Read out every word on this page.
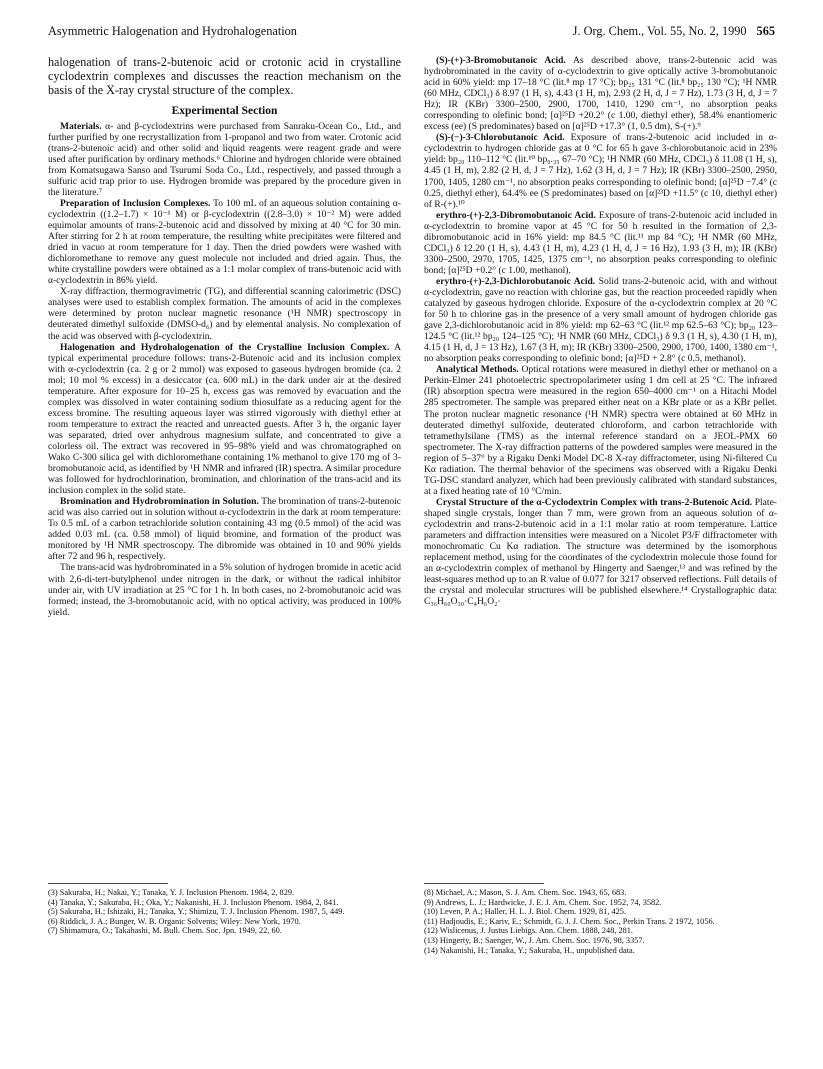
Asymmetric Halogenation and Hydrohalogenation	J. Org. Chem., Vol. 55, No. 2, 1990 565

halogenation of trans-2-butenoic acid or crotonic acid in crystalline cyclodextrin complexes and discusses the reaction mechanism on the basis of the X-ray crystal structure of the complex.

Experimental Section

Materials. α- and β-cyclodextrins were purchased from Sanraku-Ocean Co., Ltd., and further purified by one recrystallization from 1-propanol and two from water. Crotonic acid (trans-2-butenoic acid) and other solid and liquid reagents were reagent grade and were used after purification by ordinary methods.⁶ Chlorine and hydrogen chloride were obtained from Komatsugawa Sanso and Tsurumi Soda Co., Ltd., respectively, and passed through a sulfuric acid trap prior to use. Hydrogen bromide was prepared by the procedure given in the literature.⁷

Preparation of Inclusion Complexes. To 100 mL of an aqueous solution containing α-cyclodextrin ((1.2–1.7) × 10⁻¹ M) or β-cyclodextrin ((2.8–3.0) × 10⁻² M) were added equimolar amounts of trans-2-butenoic acid and dissolved by mixing at 40 °C for 30 min. After stirring for 2 h at room temperature, the resulting white precipitates were filtered and dried in vacuo at room temperature for 1 day. Then the dried powders were washed with dichloromethane to remove any guest molecule not included and dried again. Thus, the white crystalline powders were obtained as a 1:1 molar complex of trans-butenoic acid with α-cyclodextrin in 86% yield.

X-ray diffraction, thermogravimetric (TG), and differential scanning calorimetric (DSC) analyses were used to establish complex formation. The amounts of acid in the complexes were determined by proton nuclear magnetic resonance (¹H NMR) spectroscopy in deuterated dimethyl sulfoxide (DMSO-d₆) and by elemental analysis. No complexation of the acid was observed with β-cyclodextrin.

Halogenation and Hydrohalogenation of the Crystalline Inclusion Complex. A typical experimental procedure follows: trans-2-Butenoic acid and its inclusion complex with α-cyclodextrin (ca. 2 g or 2 mmol) was exposed to gaseous hydrogen bromide (ca. 2 mol; 10 mol % excess) in a desiccator (ca. 600 mL) in the dark under air at the desired temperature. After exposure for 10–25 h, excess gas was removed by evacuation and the complex was dissolved in water containing sodium thiosulfate as a reducing agent for the excess bromine. The resulting aqueous layer was stirred vigorously with diethyl ether at room temperature to extract the reacted and unreacted guests. After 3 h, the organic layer was separated, dried over anhydrous magnesium sulfate, and concentrated to give a colorless oil. The extract was recovered in 95–98% yield and was chromatographed on Wako C-300 silica gel with dichloromethane containing 1% methanol to give 170 mg of 3-bromobutanoic acid, as identified by ¹H NMR and infrared (IR) spectra. A similar procedure was followed for hydrochlorination, bromination, and chlorination of the trans-acid and its inclusion complex in the solid state.

Bromination and Hydrobromination in Solution. The bromination of trans-2-butenoic acid was also carried out in solution without α-cyclodextrin in the dark at room temperature: To 0.5 mL of a carbon tetrachloride solution containing 43 mg (0.5 mmol) of the acid was added 0.03 mL (ca. 0.58 mmol) of liquid bromine, and formation of the product was monitored by ¹H NMR spectroscopy. The dibromide was obtained in 10 and 90% yields after 72 and 96 h, respectively.

The trans-acid was hydrobrominated in a 5% solution of hydrogen bromide in acetic acid with 2,6-di-tert-butylphenol under nitrogen in the dark, or without the radical inhibitor under air, with UV irradiation at 25 °C for 1 h. In both cases, no 2-bromobutanoic acid was formed; instead, the 3-bromobutanoic acid, with no optical activity, was produced in 100% yield.

(S)-(+)-3-Bromobutanoic Acid. As described above, trans-2-butenoic acid was hydrobrominated in the cavity of α-cyclodextrin to give optically active 3-bromobutanoic acid in 60% yield: mp 17–18 °C (lit.⁸ mp 17 °C); bp₂₅ 131 °C (lit.⁸ bp₂₅ 130 °C); ¹H NMR (60 MHz, CDCl₃) δ 8.97 (1 H, s), 4.43 (1 H, m), 2.93 (2 H, d, J = 7 Hz), 1.73 (3 H, d, J = 7 Hz); IR (KBr) 3300–2500, 2900, 1700, 1410, 1290 cm⁻¹, no absorption peaks corresponding to olefinic bond; [α]²⁵D +20.2° (c 1.00, diethyl ether), 58.4% enantiomeric excess (ee) (S predominates) based on [α]²⁵D +17.3° (1, 0.5 dm), S-(+).⁹

(S)-(−)-3-Chlorobutanoic Acid. Exposure of trans-2-butenoic acid included in α-cyclodextrin to hydrogen chloride gas at 0 °C for 65 h gave 3-chlorobutanoic acid in 23% yield: bp₂₀ 110–112 °C (lit.¹⁰ bp₀.₃₅ 67–70 °C); ¹H NMR (60 MHz, CDCl₃) δ 11.08 (1 H, s), 4.45 (1 H, m), 2.82 (2 H, d, J = 7 Hz), 1.62 (3 H, d, J = 7 Hz); IR (KBr) 3300–2500, 2950, 1700, 1405, 1280 cm⁻¹, no absorption peaks corresponding to olefinic bond; [α]²⁵D −7.4° (c 0.25, diethyl ether), 64.4% ee (S predominates) based on [α]²³D +11.5° (c 10, diethyl ether) of R-(+).¹⁰

erythro-(+)-2,3-Dibromobutanoic Acid. Exposure of trans-2-butenoic acid included in α-cyclodextrin to bromine vapor at 45 °C for 50 h resulted in the formation of 2,3-dibromobutanoic acid in 16% yield: mp 84.5 °C (lit.¹¹ mp 84 °C); ¹H NMR (60 MHz, CDCl₃) δ 12.20 (1 H, s), 4.43 (1 H, m), 4.23 (1 H, d, J = 16 Hz), 1.93 (3 H, m); IR (KBr) 3300–2500, 2970, 1705, 1425, 1375 cm⁻¹, no absorption peaks corresponding to olefinic bond; [α]²⁵D +0.2° (c 1.00, methanol).

erythro-(+)-2,3-Dichlorobutanoic Acid. Solid trans-2-butenoic acid, with and without α-cyclodextrin, gave no reaction with chlorine gas, but the reaction proceeded rapidly when catalyzed by gaseous hydrogen chloride. Exposure of the α-cyclodextrin complex at 20 °C for 50 h to chlorine gas in the presence of a very small amount of hydrogen chloride gas gave 2,3-dichlorobutanoic acid in 8% yield: mp 62–63 °C (lit.¹² mp 62.5–63 °C); bp₂₀ 123–124.5 °C (lit.¹² bp₂₀ 124–125 °C); ¹H NMR (60 MHz, CDCl₃) δ 9.3 (1 H, s), 4.30 (1 H, m), 4.15 (1 H, d, J = 13 Hz), 1.67 (3 H, m); IR (KBr) 3300–2500, 2900, 1700, 1400, 1380 cm⁻¹, no absorption peaks corresponding to olefinic bond; [α]²⁵D + 2.8° (c 0.5, methanol).

Analytical Methods. Optical rotations were measured in diethyl ether or methanol on a Perkin-Elmer 241 photoelectric spectropolarimeter using 1 dm cell at 25 °C. The infrared (IR) absorption spectra were measured in the region 650–4000 cm⁻¹ on a Hitachi Model 285 spectrometer. The sample was prepared either neat on a KBr plate or as a KBr pellet. The proton nuclear magnetic resonance (¹H NMR) spectra were obtained at 60 MHz in deuterated dimethyl sulfoxide, deuterated chloroform, and carbon tetrachloride with tetramethylsilane (TMS) as the internal reference standard on a JEOL-PMX 60 spectrometer. The X-ray diffraction patterns of the powdered samples were measured in the region of 5–37° by a Rigaku Denki Model DC-8 X-ray diffractometer, using Ni-filtered Cu Kα radiation. The thermal behavior of the specimens was observed with a Rigaku Denki TG-DSC standard analyzer, which had been previously calibrated with standard substances, at a fixed heating rate of 10 °C/min.

Crystal Structure of the α-Cyclodextrin Complex with trans-2-Butenoic Acid. Plate-shaped single crystals, longer than 7 mm, were grown from an aqueous solution of α-cyclodextrin and trans-2-butenoic acid in a 1:1 molar ratio at room temperature. Lattice parameters and diffraction intensities were measured on a Nicolet P3/F diffractometer with monochromatic Cu Kα radiation. The structure was determined by the isomorphous replacement method, using for the coordinates of the cyclodextrin molecule those found for an α-cyclodextrin complex of methanol by Hingerty and Saenger,¹³ and was refined by the least-squares method up to an R value of 0.077 for 3217 observed reflections. Full details of the crystal and molecular structures will be published elsewhere.¹⁴ Crystallographic data: C₃₆H₆₀O₃₀·C₄H₆O₂·

(3) Sakuraba, H.; Nakai, Y.; Tanaka, Y. J. Inclusion Phenom. 1984, 2, 829.
(4) Tanaka, Y.; Sakuraba, H.; Oka, Y.; Nakanishi, H. J. Inclusion Phenom. 1984, 2, 841.
(5) Sakuraba, H.; Ishizaki, H.; Tanaka, Y.; Shimizu, T. J. Inclusion Phenom. 1987, 5, 449.
(6) Riddick, J. A.; Bunger, W. B. Organic Solvents; Wiley: New York, 1970.
(7) Shimamura, O.; Takahashi, M. Bull. Chem. Soc. Jpn. 1949, 22, 60.
(8) Michael, A.; Mason, S. J. Am. Chem. Soc. 1943, 65, 683.
(9) Andrews, L. J.; Hardwicke, J. E. J. Am. Chem. Soc. 1952, 74, 3582.
(10) Leven, P. A.; Haller, H. L. J. Biol. Chem. 1929, 81, 425.
(11) Hadjoudis, E.; Kariv, E.; Schmidt, G. J. J. Chem. Soc., Perkin Trans. 2 1972, 1056.
(12) Wislicenus, J. Justus Liebigs. Ann. Chem. 1888, 248, 281.
(13) Hingerty, B.; Saenger, W., J. Am. Chem. Soc. 1976, 98, 3357.
(14) Nakanishi, H.; Tanaka, Y.; Sakuraba, H., unpublished data.
